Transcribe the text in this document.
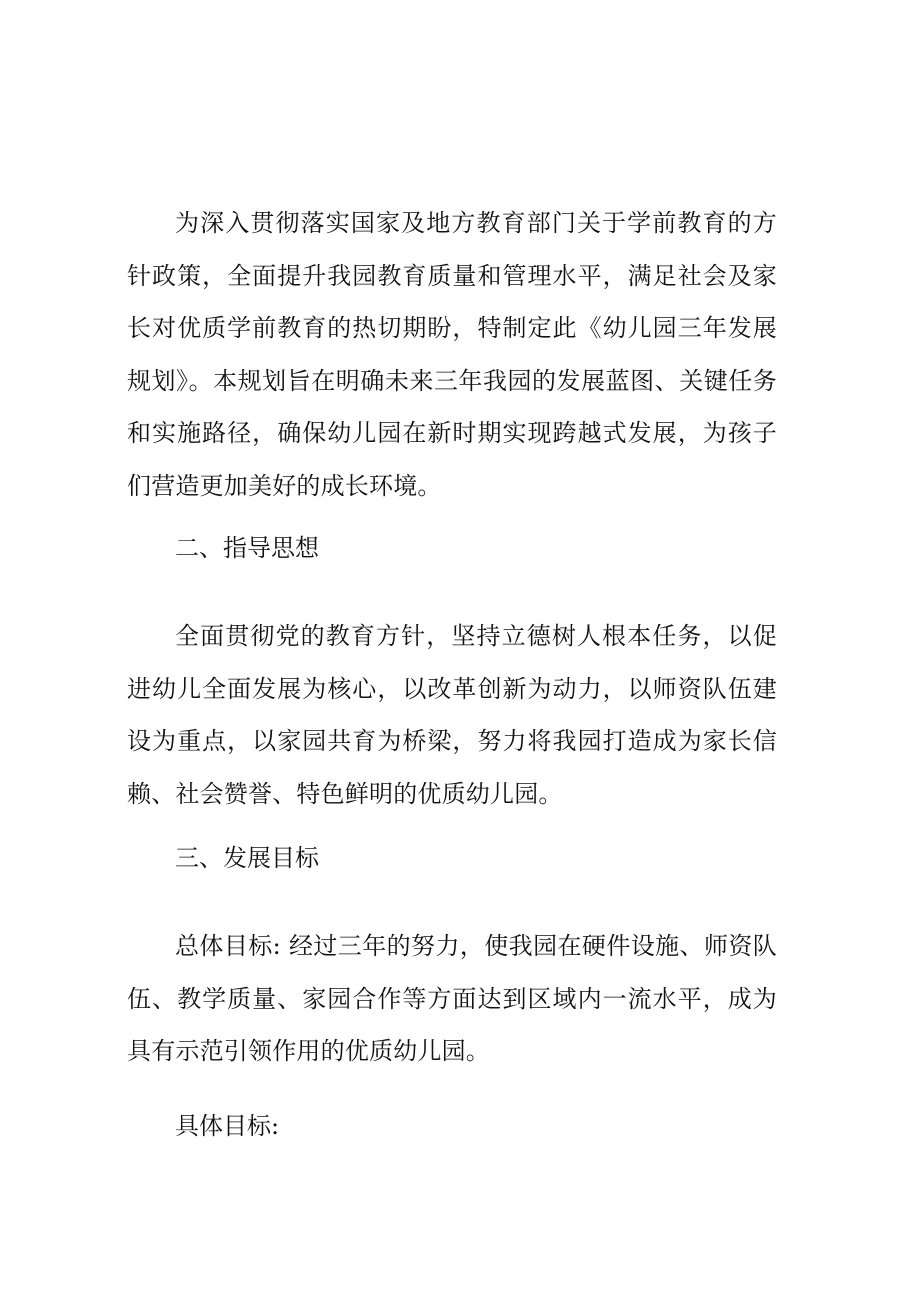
为深入贯彻落实国家及地方教育部门关于学前教育的方针政策，全面提升我园教育质量和管理水平，满足社会及家长对优质学前教育的热切期盼，特制定此《幼儿园三年发展规划》。本规划旨在明确未来三年我园的发展蓝图、关键任务和实施路径，确保幼儿园在新时期实现跨越式发展，为孩子们营造更加美好的成长环境。

二、指导思想

全面贯彻党的教育方针，坚持立德树人根本任务，以促进幼儿全面发展为核心，以改革创新为动力，以师资队伍建设为重点，以家园共育为桥梁，努力将我园打造成为家长信赖、社会赞誉、特色鲜明的优质幼儿园。

三、发展目标

总体目标: 经过三年的努力，使我园在硬件设施、师资队伍、教学质量、家园合作等方面达到区域内一流水平，成为具有示范引领作用的优质幼儿园。

具体目标:
